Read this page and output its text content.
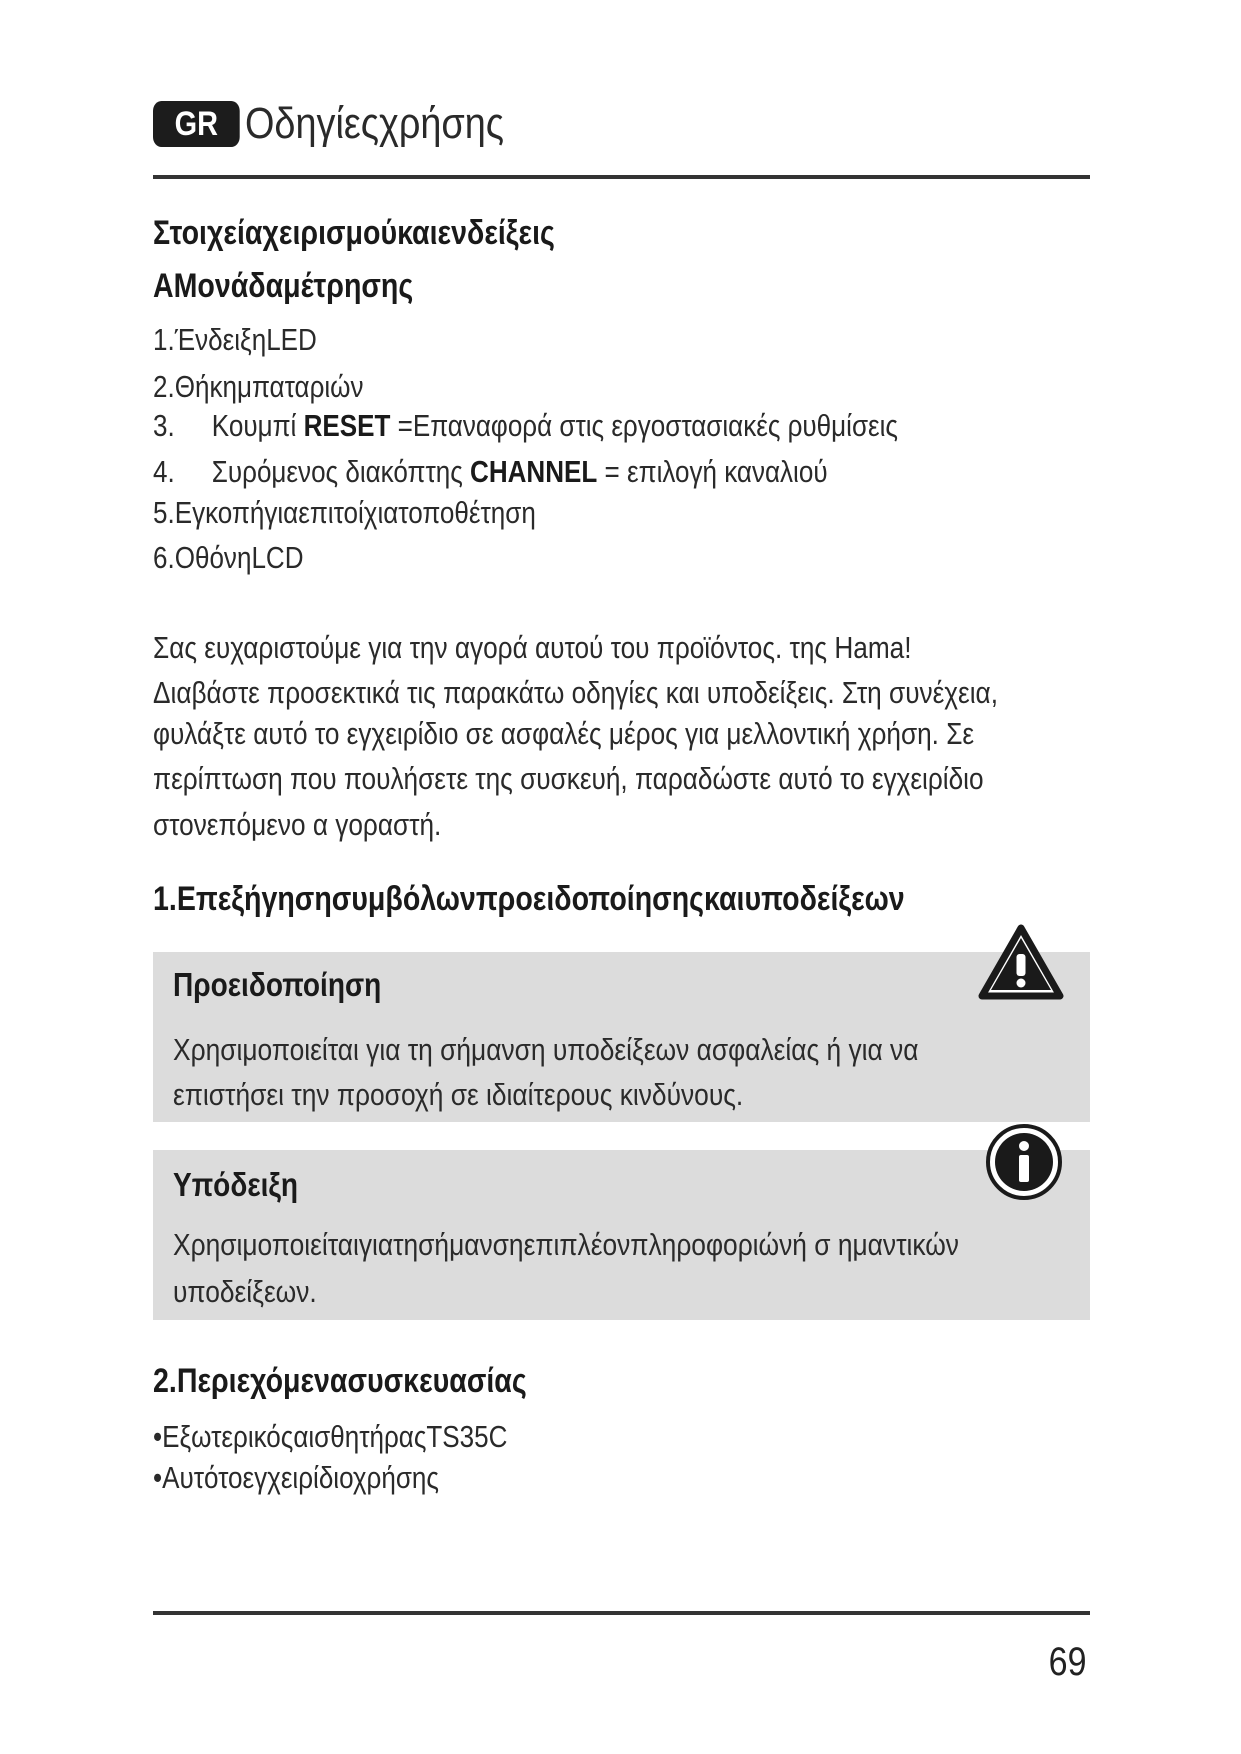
GR Οδηγίεςχρήσης
Στοιχείαχειρισμούκαιενδείξεις
ΑΜονάδαμέτρησης
1.ΈνδειξηLED
2.Θήκημπαταριών
3. Κουμπί RESET =Επαναφορά στις εργοστασιακές ρυθμίσεις
4. Συρόμενος διακόπτης CHANNEL = επιλογή καναλιού
5.Εγκοπήγιαεπιτοίχιατοποθέτηση
6.ΟθόνηLCD
Σας ευχαριστούμε για την αγορά αυτού του προϊόντος. της Hama!
Διαβάστε προσεκτικά τις παρακάτω οδηγίες και υποδείξεις. Στη συνέχεια,
φυλάξτε αυτό το εγχειρίδιο σε ασφαλές μέρος για μελλοντική χρήση. Σε
περίπτωση που πουλήσετε της συσκευή, παραδώστε αυτό το εγχειρίδιο
στονεπόμενο α γοραστή.
1.Επεξήγησησυμβόλωνπροειδοποίησηςκαιυποδείξεων
Προειδοποίηση
Χρησιμοποιείται για τη σήμανση υποδείξεων ασφαλείας ή για να
επιστήσει την προσοχή σε ιδιαίτερους κινδύνους.
Υπόδειξη
Χρησιμοποιείταιγιατησήμανσηεπιπλέονπληροφοριώνή σ ημαντικών
υποδείξεων.
2.Περιεχόμενασυσκευασίας
•ΕξωτερικόςαισθητήραςTS35C
•Αυτότοεγχειρίδιοχρήσης
69
